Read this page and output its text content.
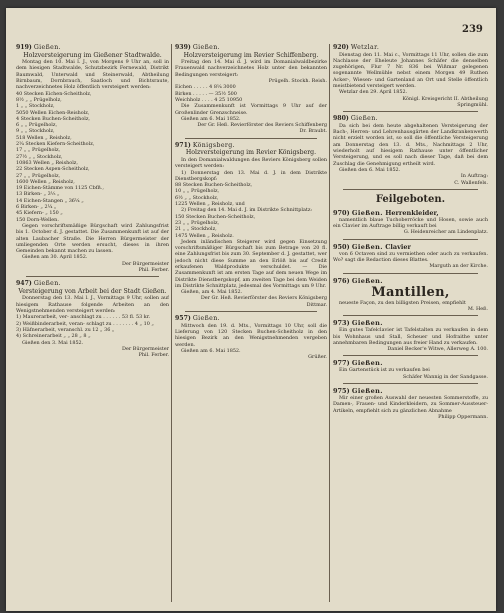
239
919) Gießen.

Holzversteigerung im Gießener Stadtwalde.

Montag den 10. Mai l. J., von Morgens 9 Uhr an, soll in dem hiesigen Stadtwalde, Schutzbezirk Fernewald, Distrikt Baumwald, Unterwald und Steinerwald, Abtheilung Birnbaum, Dornbrauch, Saatloch und Bichtsraute, nachverzeichnetes Holz öffentlich versteigert werden:

40 Stecken Eichen-Scheitholz,
8½ „ „ Prügelholz,
1 „ „ Stockholz,
5050 Wellen Eichen-Reisholz,
4 Stecken Buchen-Scheitholz,
6 „ „ Prügelholz,
9 „ „ Stockholz,
518 Wellen „ Reisholz,
2¼ Stecken Kiefern-Scheitholz,
17 „ „ Prügelholz,
27½ „ „ Stockholz,
10863 Wellen „ Reisholz,
22 Stecken Aspen-Scheitholz,
27 „ „ Prügelholz,
1600 Wellen „ Reisholz,
19 Eichen-Stämme von 1125 Cbfß.,
13 Birken- „ 3⅓ „
14 Eichen-Stangen „ 36¼ „
6 Birken- „ 2¼ „
45 Kiefern- „ 150 „
150 Dorn-Wellen.

Gegen vorschriftsmäßige Bürgschaft wird Zahlungsfrist bis 1. October d. J. gestattet. Die Zusammenkunft ist auf der alten Laubacher Straße. Die Herren Bürgermeister der umliegenden Orte werden ersucht, dieses in ihren Gemeinden bekannt machen zu lassen.

Gießen am 30. April 1852.

Der Bürgermeister

Phil. Ferber.

947) Gießen.

Versteigerung von Arbeit bei der Stadt Gießen.

Donnerstag den 13. Mai l. J., Vormittags 9 Uhr, sollen auf hiesigem Rathause folgende Arbeiten an den Wenigstnehmenden versteigert werden:

1) Maurerarbeit, ver- anschlagt zu . . . . . . 53 fl. 53 kr.
2) Weißbinderarbeit, veran- schlagt zu . . . . . . . 4 „ 10 „
3) Häfnerarbeit, veranschl. zu 12 „ 36 „
4) Schreinerarbeit „ „ 28 „ 8 „

Gießen den 3. Mai 1852.

Der Bürgermeister

Phil. Ferber.

939) Gießen.

Holzversteigerung im Revier Schiffenberg.

Freitag den 14. Mai d. J. wird im Domanialwaldbezirke Frauenwald nachverzeichnetes Holz unter den bekannten Bedingungen versteigert:

Prügelh. Stockh. Reish.

Eichen . . . . . 4 8¼ 3000
Birken . . . . . — 35½ 500
Weichholz . . . . 4 25 10950

Die Zusammenkunft ist Vormittags 9 Uhr auf der Großenlinder Grenzschneise.

Gießen am 6. Mai 1852.

Der Gr. Heß. Revierförster des Reviers Schiffenberg

Dr. Braubt.

971) Königsberg.

Holzversteigerung im Revier Königsberg.

In den Domanialwaldungen des Reviers Königsberg sollen versteigert werden:

1) Donnerstag den 13. Mai d. J. in dem Distrikte Dienstbergskopf:

88 Stecken Buchen-Scheitholz,
10 „ „ Prügelholz,
6½ „ „ Stockholz,
1225 Wellen „ Reisholz, und

2) Freitag den 14. Mai d. J. im Distrikte Schnittplatz:

150 Stecken Buchen-Scheitholz,
23 „ „ Prügelholz,
21 „ „ Stockholz,
1475 Wellen „ Reisholz.

Jedem inländischen Steigerer wird gegen Einsetzung vorschriftsmäßiger Bürgschaft bis zum Betrage von 20 fl. eine Zahlungsfrist bis zum 30. September d. J. gestattet, wer jedoch nicht diese Summe an den Erlöß bis auf Credit erkaufenen Waldprodukte verschuldet. — Die Zusammenkunft ist am ersten Tage auf dem neuen Wege im Distrikte Dienstbergskopf, am zweiten Tage bei dem Weiden im Distrikte Schnittplatz, jedesmal des Vormittags um 9 Uhr.

Gießen, am 4. Mai 1852.

Der Gr. Heß. Revierförster des Reviers Königsberg

Dittmar.

957) Gießen.

Mittwoch den 19. d. Mts., Vormittags 10 Uhr, soll die Lieferung von 120 Stecken Buchen-Scheitholz in den hiesigen Bezirk an den Wenigstnehmenden vergeben werden.

Gießen am 6. Mai 1852.

Grüßer.

920) Wetzlar.

Dienstag den 11. Mai c., Vormittags 11 Uhr, sollen die zum Nachlasse der Eheleute Johannes Schäfer die denselben zugehörigen, Flur 7 Nr. 836 bei Wißmar gelegenen sogenannte Wellmühle nebst einem Morgen 49 Ruthen Acker-, Wiesen- und Gartenland an Ort und Stelle öffentlich meistbietend versteigert werden.

Wetzlar den 29. April 1852.

Königl. Kreisgericht II. Abtheilung

Springmühl.

980) Gießen.

Da sich bei dem heute abgehaltenen Versteigerung der Bach-, Herren- und Lehrenhausgärten der Landkrankenwerth nicht erzielt worden ist, so soll die öffentliche Versteigerung am Donnerstag den 13. d. Mts., Nachmittags 2 Uhr, wiederholt auf hiesigem Rathause unter öffentlicher Versteigerung, und es soll nach dieser Tage, daß bei dem Zuschlag die Genehmigung ertheilt wird.

Gießen den 6. Mai 1852.

In Auftrag:

C. Wallenfels.

Feilgeboten.
970) Gießen. Herrenkleider,

namentlich blaue Tuchoberröcke und Hosen, sowie auch ein Clavier im Auftrage billig verkauft bei

G. Heidenreicher am Lindenplatz.

950) Gießen. Clavier

von 6 Octaven sind zu vermiethen oder auch zu verkaufen. Wo? sagt die Redaction dieses Blattes.

Marguth an der Kirche.

976) Gießen.
Mantillen,

neueste Façon, zu den billigsten Preisen, empfiehlt

M. Heß.

973) Gießen.

Ein gutes Tafelclavier ist Tafelstalten zu verkaufen in dem bis Wohnhaus und Stall, Scheuer und Hofraithe unter annehmbaren Bedingungen aus freier Hand zu verkaufen.

Daniel Becker'e Witwe, Allerweg A. 100.

977) Gießen.

Ein Gartenstück ist zu verkaufen bei

Schäfer Wannig in der Sandgasse.

975) Gießen.

Mir einer großen Auswahl der neuesten Sommerstoffe, zu Damen-, Frauen- und Kinderkleidern, zu Sommer-Aussteuer-Artikeln, empfiehlt sich zu gänzlichen Abnahme

Philipp Oppermann.
